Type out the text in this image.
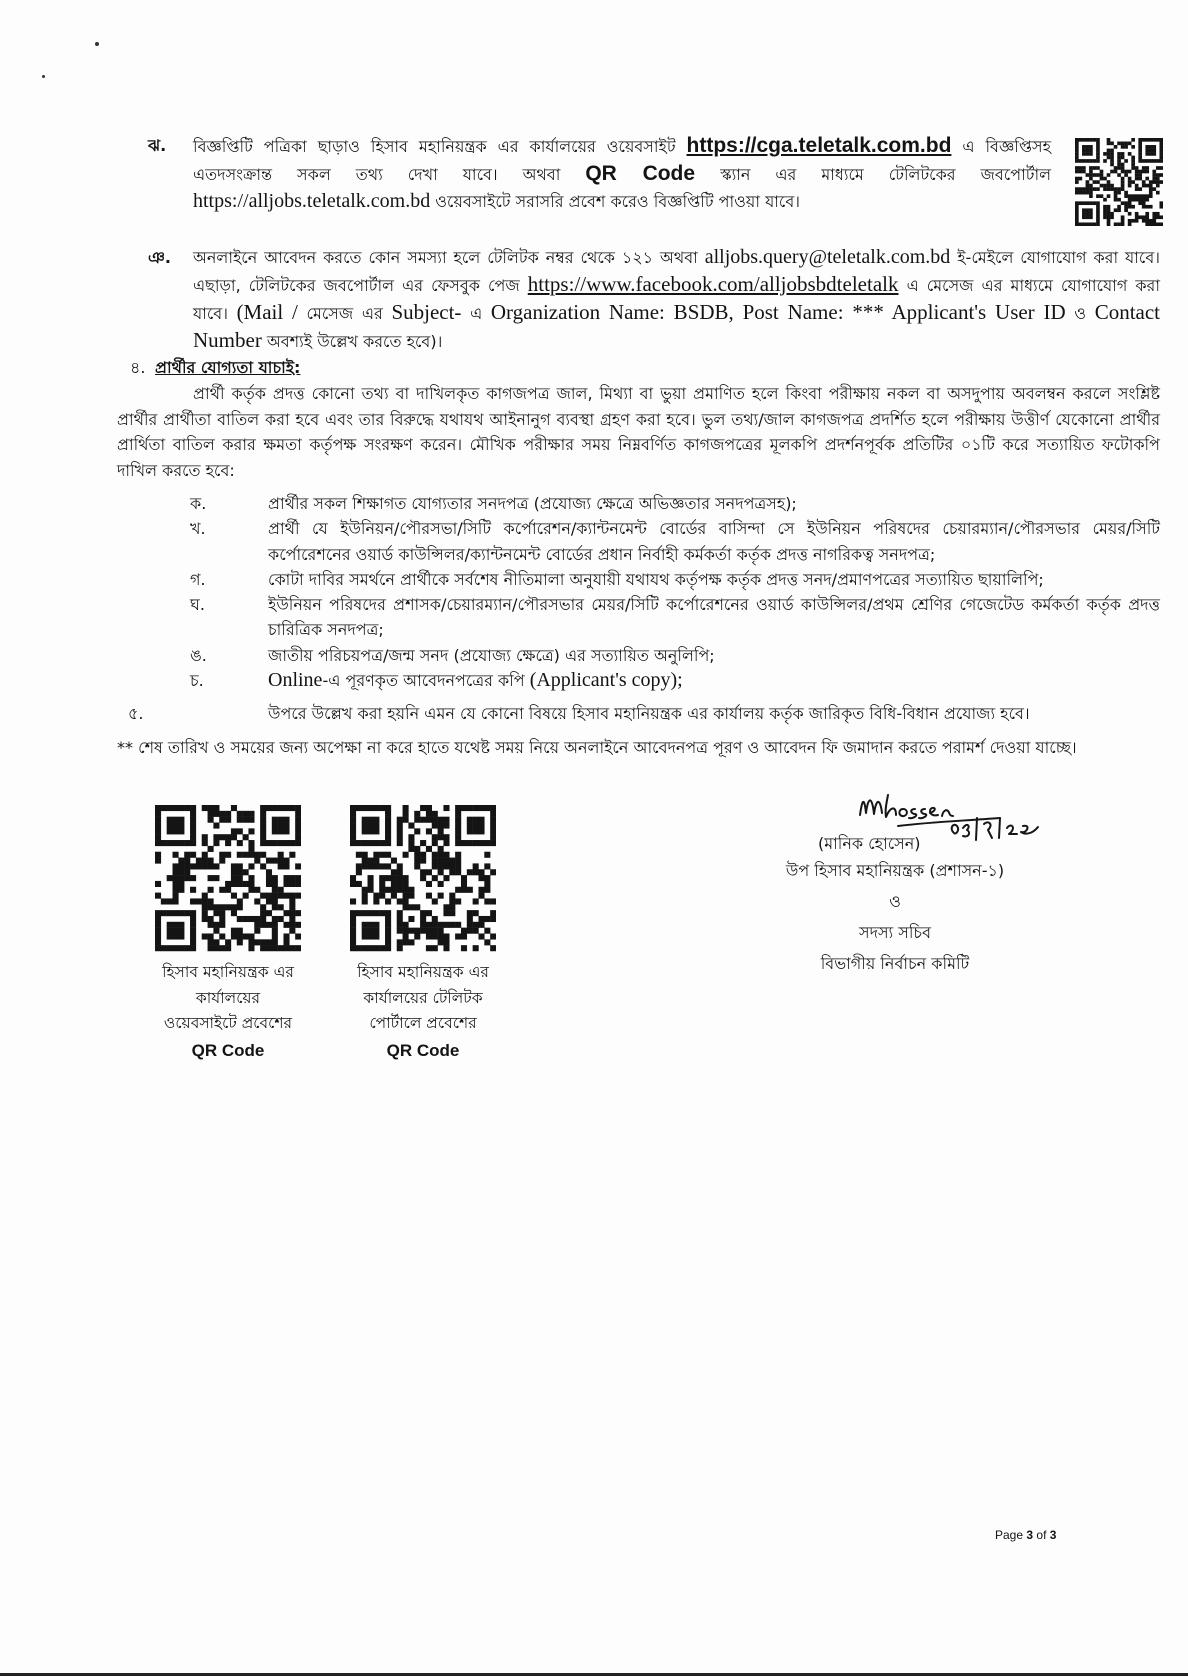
ঝ. বিজ্ঞপ্তিটি পত্রিকা ছাড়াও হিসাব মহানিয়ন্ত্রক এর কার্যালয়ের ওয়েবসাইট https://cga.teletalk.com.bd এ বিজ্ঞপ্তিসহ এতদসংক্রান্ত সকল তথ্য দেখা যাবে। অথবা QR Code স্ক্যান এর মাধ্যমে টেলিটকের জবপোর্টাল https://alljobs.teletalk.com.bd ওয়েবসাইটে সরাসরি প্রবেশ করেও বিজ্ঞপ্তিটি পাওয়া যাবে।

ঞ. অনলাইনে আবেদন করতে কোন সমস্যা হলে টেলিটক নম্বর থেকে ১২১ অথবা alljobs.query@teletalk.com.bd ই-মেইলে যোগাযোগ করা যাবে। এছাড়া, টেলিটকের জবপোর্টাল এর ফেসবুক পেজ https://www.facebook.com/alljobsbdteletalk এ মেসেজ এর মাধ্যমে যোগাযোগ করা যাবে। (Mail / মেসেজ এর Subject- এ Organization Name: BSDB, Post Name: *** Applicant's User ID ও Contact Number অবশ্যই উল্লেখ করতে হবে)।

৪. প্রার্থীর যোগ্যতা যাচাই:

প্রার্থী কর্তৃক প্রদত্ত কোনো তথ্য বা দাখিলকৃত কাগজপত্র জাল, মিথ্যা বা ভুয়া প্রমাণিত হলে কিংবা পরীক্ষায় নকল বা অসদুপায় অবলম্বন করলে সংশ্লিষ্ট প্রার্থীর প্রার্থীতা বাতিল করা হবে এবং তার বিরুদ্ধে যথাযথ আইনানুগ ব্যবস্থা গ্রহণ করা হবে। ভুল তথ্য/জাল কাগজপত্র প্রদর্শিত হলে পরীক্ষায় উত্তীর্ণ যেকোনো প্রার্থীর প্রার্থিতা বাতিল করার ক্ষমতা কর্তৃপক্ষ সংরক্ষণ করেন। মৌখিক পরীক্ষার সময় নিম্নবর্ণিত কাগজপত্রের মূলকপি প্রদর্শনপূর্বক প্রতিটির ০১টি করে সত্যায়িত ফটোকপি দাখিল করতে হবে:

ক.	প্রার্থীর সকল শিক্ষাগত যোগ্যতার সনদপত্র (প্রযোজ্য ক্ষেত্রে অভিজ্ঞতার সনদপত্রসহ);
খ.	প্রার্থী যে ইউনিয়ন/পৌরসভা/সিটি কর্পোরেশন/ক্যান্টনমেন্ট বোর্ডের বাসিন্দা সে ইউনিয়ন পরিষদের চেয়ারম্যান/পৌরসভার মেয়র/সিটি কর্পোরেশনের ওয়ার্ড কাউন্সিলর/ক্যান্টনমেন্ট বোর্ডের প্রধান নির্বাহী কর্মকর্তা কর্তৃক প্রদত্ত নাগরিকত্ব সনদপত্র;
গ.	কোটা দাবির সমর্থনে প্রার্থীকে সর্বশেষ নীতিমালা অনুযায়ী যথাযথ কর্তৃপক্ষ কর্তৃক প্রদত্ত সনদ/প্রমাণপত্রের সত্যায়িত ছায়ালিপি;
ঘ.	ইউনিয়ন পরিষদের প্রশাসক/চেয়ারম্যান/পৌরসভার মেয়র/সিটি কর্পোরেশনের ওয়ার্ড কাউন্সিলর/প্রথম শ্রেণির গেজেটেড কর্মকর্তা কর্তৃক প্রদত্ত চারিত্রিক সনদপত্র;
ঙ.	জাতীয় পরিচয়পত্র/জন্ম সনদ (প্রযোজ্য ক্ষেত্রে) এর সত্যায়িত অনুলিপি;
চ.	Online-এ পূরণকৃত আবেদনপত্রের কপি (Applicant's copy);
৫.	উপরে উল্লেখ করা হয়নি এমন যে কোনো বিষয়ে হিসাব মহানিয়ন্ত্রক এর কার্যালয় কর্তৃক জারিকৃত বিধি-বিধান প্রযোজ্য হবে।

** শেষ তারিখ ও সময়ের জন্য অপেক্ষা না করে হাতে যথেষ্ট সময় নিয়ে অনলাইনে আবেদনপত্র পূরণ ও আবেদন ফি জমাদান করতে পরামর্শ দেওয়া যাচ্ছে।

হিসাব মহানিয়ন্ত্রক এর
কার্যালয়ের
ওয়েবসাইটে প্রবেশের
QR Code
হিসাব মহানিয়ন্ত্রক এর
কার্যালয়ের টেলিটক
পোর্টালে প্রবেশের
QR Code
(মানিক হোসেন)
উপ হিসাব মহানিয়ন্ত্রক (প্রশাসন-১)
ও
সদস্য সচিব
বিভাগীয় নির্বাচন কমিটি
Page 3 of 3
